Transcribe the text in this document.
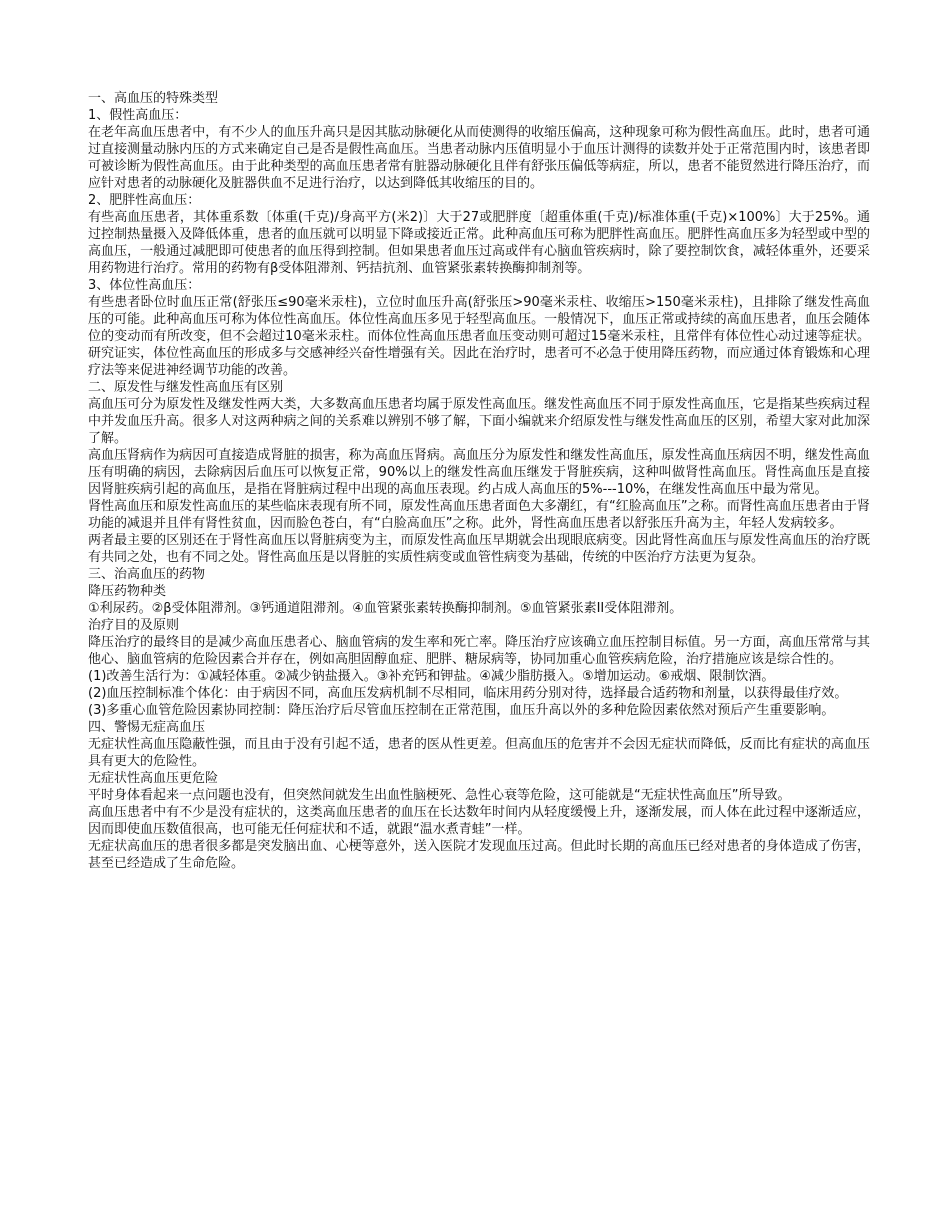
一、高血压的特殊类型

1、假性高血压：

在老年高血压患者中，有不少人的血压升高只是因其肱动脉硬化从而使测得的收缩压偏高，这种现象可称为假性高血压。此时，患者可通过直接测量动脉内压的方式来确定自己是否是假性高血压。当患者动脉内压值明显小于血压计测得的读数并处于正常范围内时，该患者即可被诊断为假性高血压。由于此种类型的高血压患者常有脏器动脉硬化且伴有舒张压偏低等病症，所以，患者不能贸然进行降压治疗，而应针对患者的动脉硬化及脏器供血不足进行治疗，以达到降低其收缩压的目的。

2、肥胖性高血压：

有些高血压患者，其体重系数〔体重(千克)/身高平方(米2)〕大于27或肥胖度〔超重体重(千克)/标准体重(千克)×100%〕大于25%。通过控制热量摄入及降低体重，患者的血压就可以明显下降或接近正常。此种高血压可称为肥胖性高血压。肥胖性高血压多为轻型或中型的高血压，一般通过减肥即可使患者的血压得到控制。但如果患者血压过高或伴有心脑血管疾病时，除了要控制饮食，减轻体重外，还要采用药物进行治疗。常用的药物有β受体阻滞剂、钙拮抗剂、血管紧张素转换酶抑制剂等。

3、体位性高血压：

有些患者卧位时血压正常(舒张压≤90毫米汞柱)，立位时血压升高(舒张压>90毫米汞柱、收缩压>150毫米汞柱)，且排除了继发性高血压的可能。此种高血压可称为体位性高血压。体位性高血压多见于轻型高血压。一般情况下，血压正常或持续的高血压患者，血压会随体位的变动而有所改变，但不会超过10毫米汞柱。而体位性高血压患者血压变动则可超过15毫米汞柱，且常伴有体位性心动过速等症状。研究证实，体位性高血压的形成多与交感神经兴奋性增强有关。因此在治疗时，患者可不必急于使用降压药物，而应通过体育锻炼和心理疗法等来促进神经调节功能的改善。

二、原发性与继发性高血压有区别

高血压可分为原发性及继发性两大类，大多数高血压患者均属于原发性高血压。继发性高血压不同于原发性高血压，它是指某些疾病过程中并发血压升高。很多人对这两种病之间的关系难以辨别不够了解，下面小编就来介绍原发性与继发性高血压的区别，希望大家对此加深了解。

高血压肾病作为病因可直接造成肾脏的损害，称为高血压肾病。高血压分为原发性和继发性高血压，原发性高血压病因不明，继发性高血压有明确的病因，去除病因后血压可以恢复正常，90%以上的继发性高血压继发于肾脏疾病，这种叫做肾性高血压。肾性高血压是直接因肾脏疾病引起的高血压，是指在肾脏病过程中出现的高血压表现。约占成人高血压的5%---10%，在继发性高血压中最为常见。

肾性高血压和原发性高血压的某些临床表现有所不同，原发性高血压患者面色大多潮红，有“红脸高血压”之称。而肾性高血压患者由于肾功能的减退并且伴有肾性贫血，因而脸色苍白，有“白脸高血压”之称。此外，肾性高血压患者以舒张压升高为主，年轻人发病较多。

两者最主要的区别还在于肾性高血压以肾脏病变为主，而原发性高血压早期就会出现眼底病变。因此肾性高血压与原发性高血压的治疗既有共同之处，也有不同之处。肾性高血压是以肾脏的实质性病变或血管性病变为基础，传统的中医治疗方法更为复杂。

三、治高血压的药物

降压药物种类

①利尿药。②β受体阻滞剂。③钙通道阻滞剂。④血管紧张素转换酶抑制剂。⑤血管紧张素II受体阻滞剂。

治疗目的及原则

降压治疗的最终目的是减少高血压患者心、脑血管病的发生率和死亡率。降压治疗应该确立血压控制目标值。另一方面，高血压常常与其他心、脑血管病的危险因素合并存在，例如高胆固醇血症、肥胖、糖尿病等，协同加重心血管疾病危险，治疗措施应该是综合性的。

(1)改善生活行为：①减轻体重。②减少钠盐摄入。③补充钙和钾盐。④减少脂肪摄入。⑤增加运动。⑥戒烟、限制饮酒。

(2)血压控制标准个体化：由于病因不同，高血压发病机制不尽相同，临床用药分别对待，选择最合适药物和剂量，以获得最佳疗效。

(3)多重心血管危险因素协同控制：降压治疗后尽管血压控制在正常范围，血压升高以外的多种危险因素依然对预后产生重要影响。

四、警惕无症高血压

无症状性高血压隐蔽性强，而且由于没有引起不适，患者的医从性更差。但高血压的危害并不会因无症状而降低，反而比有症状的高血压具有更大的危险性。

无症状性高血压更危险

平时身体看起来一点问题也没有，但突然间就发生出血性脑梗死、急性心衰等危险，这可能就是“无症状性高血压”所导致。

高血压患者中有不少是没有症状的，这类高血压患者的血压在长达数年时间内从轻度缓慢上升，逐渐发展，而人体在此过程中逐渐适应，因而即使血压数值很高，也可能无任何症状和不适，就跟“温水煮青蛙”一样。

无症状高血压的患者很多都是突发脑出血、心梗等意外，送入医院才发现血压过高。但此时长期的高血压已经对患者的身体造成了伤害，甚至已经造成了生命危险。
